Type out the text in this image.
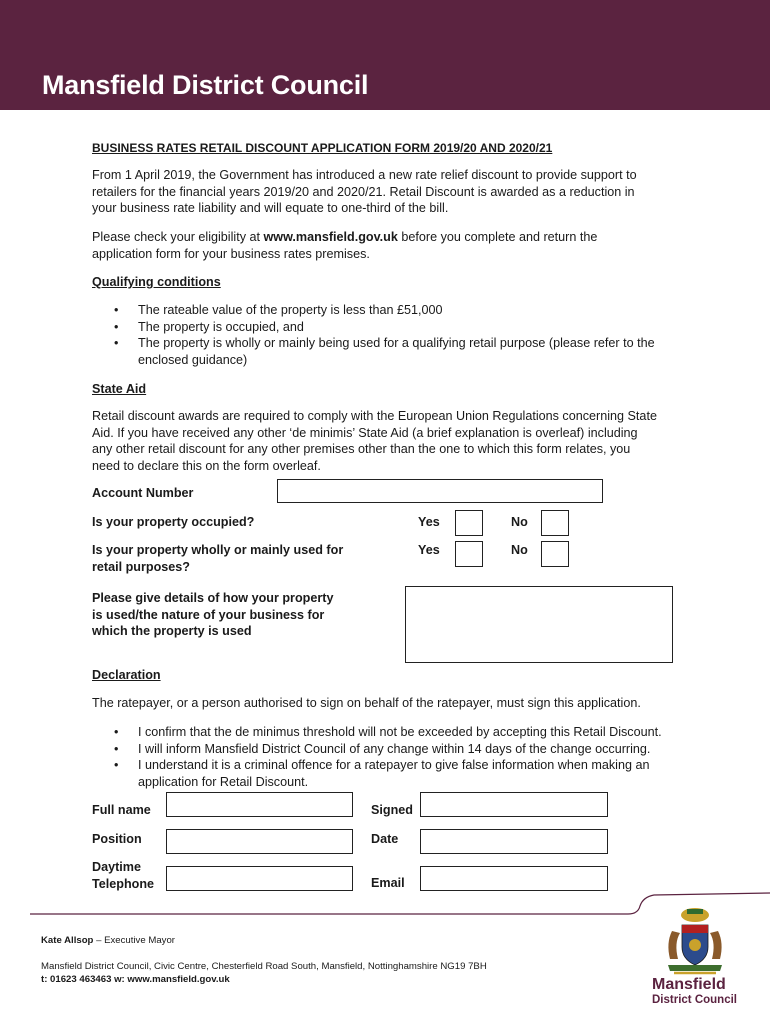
Mansfield District Council
BUSINESS RATES RETAIL DISCOUNT APPLICATION FORM 2019/20 AND 2020/21
From 1 April 2019, the Government has introduced a new rate relief discount to provide support to
retailers for the financial years 2019/20 and 2020/21. Retail Discount is awarded as a reduction in
your business rate liability and will equate to one-third of the bill.
Please check your eligibility at www.mansfield.gov.uk before you complete and return the
application form for your business rates premises.
Qualifying conditions
• The rateable value of the property is less than £51,000
• The property is occupied, and
• The property is wholly or mainly being used for a qualifying retail purpose (please refer to the
enclosed guidance)
State Aid
Retail discount awards are required to comply with the European Union Regulations concerning State
Aid. If you have received any other ‘de minimis’ State Aid (a brief explanation is overleaf) including
any other retail discount for any other premises other than the one to which this form relates, you
need to declare this on the form overleaf.
Account Number
Is your property occupied?	Yes	No
Is your property wholly or mainly used for
retail purposes?
Yes	No
Please give details of how your property
is used/the nature of your business for
which the property is used
Declaration
The ratepayer, or a person authorised to sign on behalf of the ratepayer, must sign this application.
• I confirm that the de minimus threshold will not be exceeded by accepting this Retail Discount.
• I will inform Mansfield District Council of any change within 14 days of the change occurring.
• I understand it is a criminal offence for a ratepayer to give false information when making an
application for Retail Discount.
Full name	Signed
Position	Date
Daytime
Telephone	Email
Kate Allsop – Executive Mayor
Mansfield District Council, Civic Centre, Chesterfield Road South, Mansfield, Nottinghamshire NG19 7BH
t: 01623 463463 w: www.mansfield.gov.uk	Mansfield
District Council
